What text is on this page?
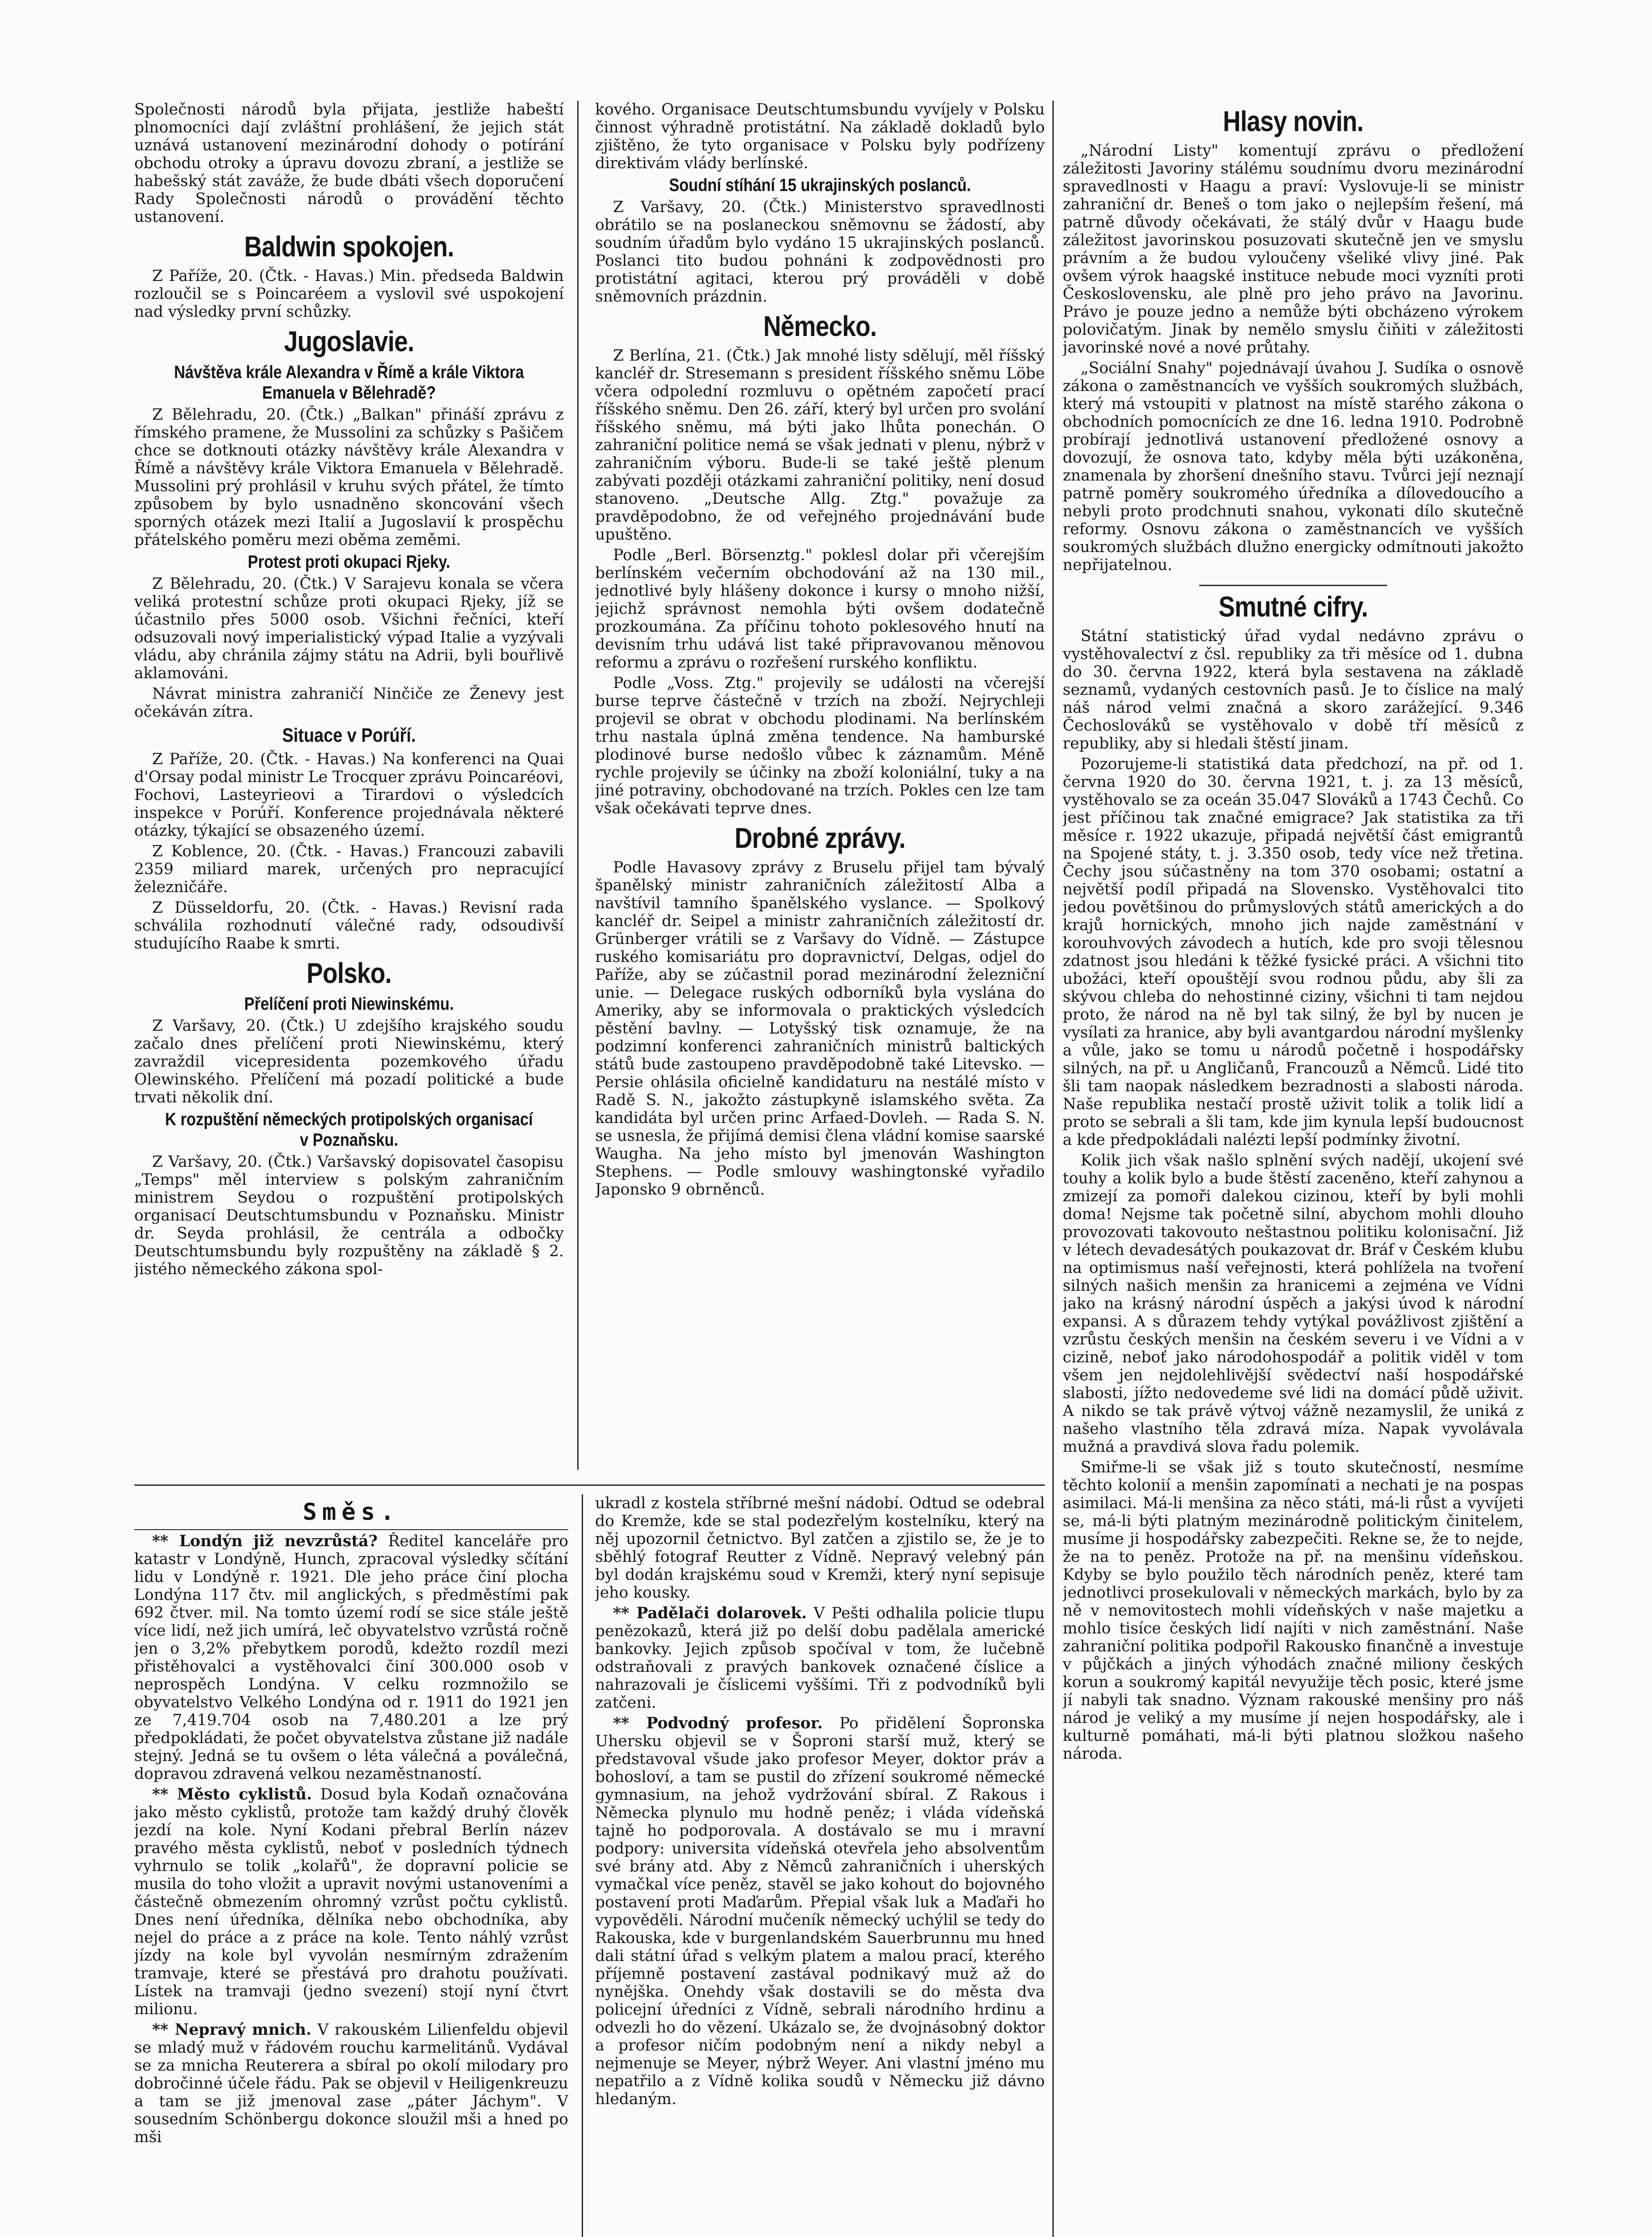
Společnosti národů byla přijata, jestliže habeští plnomocníci dají zvláštní prohlášení, že jejich stát uznává ustanovení mezinárodní dohody o potírání obchodu otroky a úpravu dovozu zbraní, a jestliže se habešský stát zaváže, že bude dbáti všech doporučení Rady Společnosti národů o provádění těchto ustanovení.

Baldwin spokojen.

Z Paříže, 20. (Čtk. - Havas.) Min. předseda Baldwin rozloučil se s Poincaréem a vyslovil své uspokojení nad výsledky první schůzky.

Jugoslavie.
Návštěva krále Alexandra v Římě a krále Viktora Emanuela v Bělehradě?

Z Bělehradu, 20. (Čtk.) „Balkan" přináší zprávu z římského pramene, že Mussolini za schůzky s Pašičem chce se dotknouti otázky návštěvy krále Alexandra v Římě a návštěvy krále Viktora Emanuela v Bělehradě. Mussolini prý prohlásil v kruhu svých přátel, že tímto způsobem by bylo usnadněno skoncování všech sporných otázek mezi Italií a Jugoslavií k prospěchu přátelského poměru mezi oběma zeměmi.

Protest proti okupaci Rjeky.

Z Bělehradu, 20. (Čtk.) V Sarajevu konala se včera veliká protestní schůze proti okupaci Rjeky, jíž se účastnilo přes 5000 osob. Všichni řečníci, kteří odsuzovali nový imperialistický výpad Italie a vyzývali vládu, aby chránila zájmy státu na Adrii, byli bouřlivě aklamováni.

Návrat ministra zahraničí Ninčiče ze Ženevy jest očekáván zítra.

Situace v Porúří.

Z Paříže, 20. (Čtk. - Havas.) Na konferenci na Quai d'Orsay podal ministr Le Trocquer zprávu Poincaréovi, Fochovi, Lasteyrieovi a Tirardovi o výsledcích inspekce v Porúří. Konference projednávala některé otázky, týkající se obsazeného území.

Z Koblence, 20. (Čtk. - Havas.) Francouzi zabavili 2359 miliard marek, určených pro nepracující železničáře.

Z Düsseldorfu, 20. (Čtk. - Havas.) Revisní rada schválila rozhodnutí válečné rady, odsoudivší studujícího Raabe k smrti.

Polsko.
Přelíčení proti Niewinskému.

Z Varšavy, 20. (Čtk.) U zdejšího krajského soudu začalo dnes přelíčení proti Niewinskému, který zavraždil vicepresidenta pozemkového úřadu Olewinského. Přelíčení má pozadí politické a bude trvati několik dní.

K rozpuštění německých protipolských organisací v Poznaňsku.

Z Varšavy, 20. (Čtk.) Varšavský dopisovatel časopisu „Temps" měl interview s polským zahraničním ministrem Seydou o rozpuštění protipolských organisací Deutschtumsbundu v Poznaňsku. Ministr dr. Seyda prohlásil, že centrála a odbočky Deutschtumsbundu byly rozpuštěny na základě § 2. jistého německého zákona spol-

kového. Organisace Deutschtumsbundu vyvíjely v Polsku činnost výhradně protistátní. Na základě dokladů bylo zjištěno, že tyto organisace v Polsku byly podřízeny direktivám vlády berlínské.

Soudní stíhání 15 ukrajinských poslanců.

Z Varšavy, 20. (Čtk.) Ministerstvo spravedlnosti obrátilo se na poslaneckou sněmovnu se žádostí, aby soudním úřadům bylo vydáno 15 ukrajinských poslanců. Poslanci tito budou pohnáni k zodpovědnosti pro protistátní agitaci, kterou prý prováděli v době sněmovních prázdnin.

Německo.

Z Berlína, 21. (Čtk.) Jak mnohé listy sdělují, měl říšský kancléř dr. Stresemann s president říšského sněmu Löbe včera odpolední rozmluvu o opětném započetí prací říšského sněmu. Den 26. září, který byl určen pro svolání říšského sněmu, má býti jako lhůta ponechán. O zahraniční politice nemá se však jednati v plenu, nýbrž v zahraničním výboru. Bude-li se také ještě plenum zabývati později otázkami zahraniční politiky, není dosud stanoveno. „Deutsche Allg. Ztg." považuje za pravděpodobno, že od veřejného projednávání bude upuštěno.

Podle „Berl. Börsenztg." poklesl dolar při včerejším berlínském večerním obchodování až na 130 mil., jednotlivé byly hlášeny dokonce i kursy o mnoho nižší, jejichž správnost nemohla býti ovšem dodatečně prozkoumána. Za příčinu tohoto poklesového hnutí na devisním trhu udává list také připravovanou měnovou reformu a zprávu o rozřešení rurského konfliktu.

Podle „Voss. Ztg." projevily se události na včerejší burse teprve částečně v trzích na zboží. Nejrychleji projevil se obrat v obchodu plodinami. Na berlínském trhu nastala úplná změna tendence. Na hamburské plodinové burse nedošlo vůbec k záznamům. Méně rychle projevily se účinky na zboží koloniální, tuky a na jiné potraviny, obchodované na trzích. Pokles cen lze tam však očekávati teprve dnes.

Drobné zprávy.

Podle Havasovy zprávy z Bruselu přijel tam bývalý španělský ministr zahraničních záležitostí Alba a navštívil tamního španělského vyslance. — Spolkový kancléř dr. Seipel a ministr zahraničních záležitostí dr. Grünberger vrátili se z Varšavy do Vídně. — Zástupce ruského komisariátu pro dopravnictví, Delgas, odjel do Paříže, aby se zúčastnil porad mezinárodní železniční unie. — Delegace ruských odborníků byla vyslána do Ameriky, aby se informovala o praktických výsledcích pěstění bavlny. — Lotyšský tisk oznamuje, že na podzimní konferenci zahraničních ministrů baltických států bude zastoupeno pravděpodobně také Litevsko. — Persie ohlásila oficielně kandidaturu na nestálé místo v Radě S. N., jakožto zástupkyně islamského světa. Za kandidáta byl určen princ Arfaed-Dovleh. — Rada S. N. se usnesla, že přijímá demisi člena vládní komise saarské Waugha. Na jeho místo byl jmenován Washington Stephens. — Podle smlouvy washingtonské vyřadilo Japonsko 9 obrněnců.

Hlasy novin.

„Národní Listy" komentují zprávu o předložení záležitosti Javoriny stálému soudnímu dvoru mezinárodní spravedlnosti v Haagu a praví: Vyslovuje-li se ministr zahraniční dr. Beneš o tom jako o nejlepším řešení, má patrně důvody očekávati, že stálý dvůr v Haagu bude záležitost javorinskou posuzovati skutečně jen ve smyslu právním a že budou vyloučeny všeliké vlivy jiné. Pak ovšem výrok haagské instituce nebude moci vyzníti proti Československu, ale plně pro jeho právo na Javorinu. Právo je pouze jedno a nemůže býti obcházeno výrokem polovičatým. Jinak by nemělo smyslu čiňiti v záležitosti javorinské nové a nové průtahy.

„Sociální Snahy" pojednávají úvahou J. Sudíka o osnově zákona o zaměstnancích ve vyšších soukromých službách, který má vstoupiti v platnost na místě starého zákona o obchodních pomocnících ze dne 16. ledna 1910. Podrobně probírají jednotlivá ustanovení předložené osnovy a dovozují, že osnova tato, kdyby měla býti uzákoněna, znamenala by zhoršení dnešního stavu. Tvůrci její neznají patrně poměry soukromého úředníka a dílovedoucího a nebyli proto prodchnuti snahou, vykonati dílo skutečně reformy. Osnovu zákona o zaměstnancích ve vyšších soukromých službách dlužno energicky odmítnouti jakožto nepřijatelnou.

Smutné cifry.

Státní statistický úřad vydal nedávno zprávu o vystěhovalectví z čsl. republiky za tři měsíce od 1. dubna do 30. června 1922, která byla sestavena na základě seznamů, vydaných cestovních pasů. Je to číslice na malý náš národ velmi značná a skoro zarážející. 9.346 Čechoslováků se vystěhovalo v době tří měsíců z republiky, aby si hledali štěstí jinam.

Pozorujeme-li statistiká data předchozí, na př. od 1. června 1920 do 30. června 1921, t. j. za 13 měsíců, vystěhovalo se za oceán 35.047 Slováků a 1743 Čechů. Co jest příčinou tak značné emigrace? Jak statistika za tři měsíce r. 1922 ukazuje, připadá největší část emigrantů na Spojené státy, t. j. 3.350 osob, tedy více než třetina. Čechy jsou súčastněny na tom 370 osobami; ostatní a největší podíl připadá na Slovensko. Vystěhovalci tito jedou povětšinou do průmyslových států amerických a do krajů hornických, mnoho jich najde zaměstnání v korouhvových závodech a hutích, kde pro svoji tělesnou zdatnost jsou hledáni k těžké fysické práci. A všichni tito ubožáci, kteří opouštějí svou rodnou půdu, aby šli za skývou chleba do nehostinné ciziny, všichni ti tam nejdou proto, že národ na ně byl tak silný, že byl by nucen je vysílati za hranice, aby byli avantgardou národní myšlenky a vůle, jako se tomu u národů početně i hospodářsky silných, na př. u Angličanů, Francouzů a Němců. Lidé tito šli tam naopak následkem bezradnosti a slabosti národa. Naše republika nestačí prostě uživit tolik a tolik lidí a proto se sebrali a šli tam, kde jim kynula lepší budoucnost a kde předpokládali nalézti lepší podmínky životní.

Kolik jich však našlo splnění svých nadějí, ukojení své touhy a kolik bylo a bude štěstí zaceněno, kteří zahynou a zmizejí za pomoři dalekou cizinou, kteří by byli mohli doma! Nejsme tak početně silní, abychom mohli dlouho provozovati takovouto neštastnou politiku kolonisační. Již v létech devadesátých poukazovat dr. Bráf v Českém klubu na optimismus naší veřejnosti, která pohlížela na tvoření silných našich menšin za hranicemi a zejména ve Vídni jako na krásný národní úspěch a jakýsi úvod k národní expansi. A s důrazem tehdy vytýkal povážlivost zjištění a vzrůstu českých menšin na českém severu i ve Vídni a v cizině, neboť jako národohospodář a politik viděl v tom všem jen nejdolehlivější svědectví naší hospodářské slabosti, jížto nedovedeme své lidi na domácí půdě uživit. A nikdo se tak právě výtvoj vážně nezamyslil, že uniká z našeho vlastního těla zdravá míza. Napak vyvolávala mužná a pravdivá slova řadu polemik.

Smiřme-li se však již s touto skutečností, nesmíme těchto kolonií a menšin zapomínati a nechati je na pospas asimilaci. Má-li menšina za něco státi, má-li růst a vyvíjeti se, má-li býti platným mezinárodně politickým činitelem, musíme ji hospodářsky zabezpečiti. Rekne se, že to nejde, že na to peněz. Protože na př. na menšinu vídeňskou. Kdyby se bylo použilo těch národních peněz, které tam jednotlivci prosekulovali v německých markách, bylo by za ně v nemovitostech mohli vídeňských v naše majetku a mohlo tisíce českých lidí najíti v nich zaměstnání. Naše zahraniční politika podpořil Rakousko finančně a investuje v půjčkách a jiných výhodách značné miliony českých korun a soukromý kapitál nevyužije těch posic, které jsme jí nabyli tak snadno. Význam rakouské menšiny pro náš národ je veliký a my musíme jí nejen hospodářsky, ale i kulturně pomáhati, má-li býti platnou složkou našeho národa.

Směs.

** Londýn již nevzrůstá? Ředitel kanceláře pro katastr v Londýně, Hunch, zpracoval výsledky sčítání lidu v Londýně r. 1921. Dle jeho práce činí plocha Londýna 117 čtv. mil anglických, s předměstími pak 692 čtver. mil. Na tomto území rodí se sice stále ještě více lidí, než jich umírá, leč obyvatelstvo vzrůstá ročně jen o 3,2% přebytkem porodů, kdežto rozdíl mezi přistěhovalci a vystěhovalci činí 300.000 osob v neprospěch Londýna. V celku rozmnožilo se obyvatelstvo Velkého Londýna od r. 1911 do 1921 jen ze 7,419.704 osob na 7,480.201 a lze prý předpokládati, že počet obyvatelstva zůstane již nadále stejný. Jedná se tu ovšem o léta válečná a poválečná, dopravou zdravená velkou nezaměstnaností.

** Město cyklistů. Dosud byla Kodaň označována jako město cyklistů, protože tam každý druhý člověk jezdí na kole. Nyní Kodani přebral Berlín název pravého města cyklistů, neboť v posledních týdnech vyhrnulo se tolik „kolařů", že dopravní policie se musila do toho vložit a upravit novými ustanoveními a částečně obmezením ohromný vzrůst počtu cyklistů. Dnes není úředníka, dělníka nebo obchodníka, aby nejel do práce a z práce na kole. Tento náhlý vzrůst jízdy na kole byl vyvolán nesmírným zdražením tramvaje, které se přestává pro drahotu používati. Lístek na tramvaji (jedno svezení) stojí nyní čtvrt milionu.

** Nepravý mnich. V rakouském Lilienfeldu objevil se mladý muž v řádovém rouchu karmelitánů. Vydával se za mnicha Reuterera a sbíral po okolí milodary pro dobročinné účele řádu. Pak se objevil v Heiligenkreuzu a tam se již jmenoval zase „páter Jáchym". V sousedním Schönbergu dokonce sloužil mši a hned po mši

ukradl z kostela stříbrné mešní nádobí. Odtud se odebral do Kremže, kde se stal podezřelým kostelníku, který na něj upozornil četnictvo. Byl zatčen a zjistilo se, že je to sběhlý fotograf Reutter z Vídně. Nepravý velebný pán byl dodán krajskému soud v Kremži, který nyní sepisuje jeho kousky.

** Padělači dolarovek. V Pešti odhalila policie tlupu penězokazů, která již po delší dobu padělala americké bankovky. Jejich způsob spočíval v tom, že lučebně odstraňovali z pravých bankovek označené číslice a nahrazovali je číslicemi vyššími. Tři z podvodníků byli zatčeni.

** Podvodný profesor. Po přidělení Šopronska Uhersku objevil se v Šoproni starší muž, který se představoval všude jako profesor Meyer, doktor práv a bohosloví, a tam se pustil do zřízení soukromé německé gymnasium, na jehož vydržování sbíral. Z Rakous i Německa plynulo mu hodně peněz; i vláda vídeňská tajně ho podporovala. A dostávalo se mu i mravní podpory: universita vídeňská otevřela jeho absolventům své brány atd. Aby z Němců zahraničních i uherských vymačkal více peněz, stavěl se jako kohout do bojovného postavení proti Maďarům. Přepial však luk a Maďaři ho vypověděli. Národní mučeník německý uchýlil se tedy do Rakouska, kde v burgenlandském Sauerbrunnu mu hned dali státní úřad s velkým platem a malou prací, kterého příjemně postavení zastával podnikavý muž až do nynějška. Onehdy však dostavili se do města dva policejní úředníci z Vídně, sebrali národního hrdinu a odvezli ho do vězení. Ukázalo se, že dvojnásobný doktor a profesor ničím podobným není a nikdy nebyl a nejmenuje se Meyer, nýbrž Weyer. Ani vlastní jméno mu nepatřilo a z Vídně kolika soudů v Německu již dávno hledaným.
